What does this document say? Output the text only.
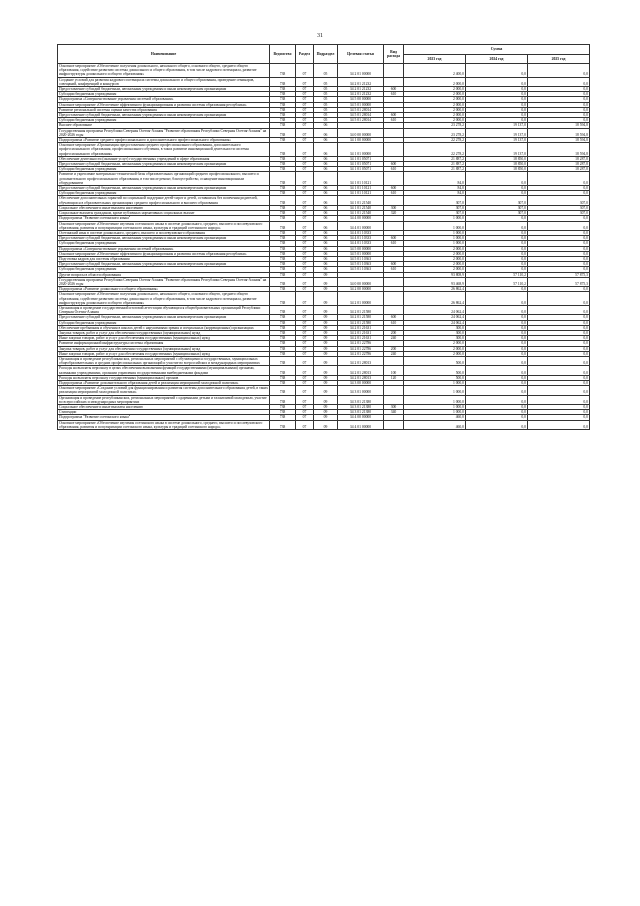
31
Наименование	Ведомство	Раздел	Подраздел	Целевая статья	Вид расхода	Сумма		
						2023 год	2024 год	2025 год
Основное мероприятие «Обеспечение получения дошкольного, начального общего, основного общего, среднего общего образования, содействие развитию системы дошкольного и общего образования, в том числе кадрового потенциала, развитие инфраструктуры дошкольного и общего образования»	738	07	05	34 2 01 00000		2 400,0	0,0	0,0
Создание условий для развития кадрового потенциала системы дошкольного и общего образования, проведение семинаров, совещаний, конференций и конкурсов	738	07	05	34 2 01 21232		2 000,0	0,0	0,0
Предоставление субсидий бюджетным, автономным учреждениям и иным некоммерческим организациям	738	07	05	34 2 01 21232	600	2 000,0	0,0	0,0
Субсидии бюджетным учреждениям	738	07	05	34 2 01 21232	610	2 000,0	0,0	0,0
Подпрограмма «Совершенствование управления системой образования»	738	07	05	34 5 00 00000		2 000,0	0,0	0,0
Основное мероприятие «Обеспечение эффективного функционирования и развития системы образования республики»	738	07	05	34 5 01 00000		2 000,0	0,0	0,0
Развитие региональной системы оценки качества образования	738	07	05	34 5 01 28014		2 000,0	0,0	0,0
Предоставление субсидий бюджетным, автономным учреждениям и иным некоммерческим организациям	738	07	05	34 5 01 28014	600	2 000,0	0,0	0,0
Субсидии бюджетным учреждениям	738	07	05	34 5 01 28014	610	2 000,0	0,0	0,0
Высшее образование	738	07	06			23 278,2	19 137,0	18 594,8
Государственная программа Республики Северная Осетия-Алания "Развитие образования Республики Северная Осетия-Алания" на 2020-2026 годы	738	07	06	34 0 00 00000		23 278,2	19 137,0	18 594,8
Подпрограмма «Развитие среднего профессионального и дополнительного профессионального образования»	738	07	06	34 1 00 00000		22 278,2	19 137,0	18 594,8
Основное мероприятие «Организация предоставления среднего профессионального образования, дополнительного профессионального образования, профессионального обучения, в таких развитие инновационной деятельности системы профессионального образования»	738	07	06	34 1 01 00000		22 278,2	19 137,0	18 594,8
Обеспечение деятельности (оказание услуг) государственных учреждений в сфере образования	738	07	06	34 1 01 05071		21 887,2	18 850,0	18 287,8
Предоставление субсидий бюджетным, автономным учреждениям и иным некоммерческим организациям	738	07	06	34 1 01 05071	600	21 887,2	18 850,0	18 287,8
Субсидии бюджетным учреждениям	738	07	06	34 1 01 05071	610	21 887,2	18 850,0	18 287,8
Развитие и укрепление материально-технической базы образовательных организаций среднего профессионального, высшего и дополнительного профессионального образования, в том числе ремонт, благоустройство, оснащение инновационным оборудованием	738	07	06	34 1 01 10121		84,0	0,0	0,0
Предоставление субсидий бюджетным, автономным учреждениям и иным некоммерческим организациям	738	07	06	34 1 01 10121	600	84,0	0,0	0,0
Субсидии бюджетным учреждениям	738	07	06	34 1 01 10121	610	84,0	0,0	0,0
Обеспечение дополнительных гарантий по социальной поддержке детей-сирот и детей, оставшихся без попечения родителей, обучающихся в образовательных организациях среднего профессионального и высшего образования	738	07	06	34 1 01 21540		307,0	307,0	307,0
Социальное обеспечение и иные выплаты населению	738	07	06	34 1 01 21540	300	307,0	307,0	307,0
Социальные выплаты гражданам, кроме публичных нормативных социальных выплат	738	07	06	34 1 01 21540	320	307,0	307,0	307,0
Подпрограмма "Развитие осетинского языка"	738	07	06	34 4 00 00000		1 000,0	0,0	0,0
Основное мероприятие «Обеспечение изучения осетинского языка в системе дошкольного, среднего, высшего и послевузовского образования, развития и популяризации осетинского языка, культуры и традиций осетинского народа»	738	07	06	34 4 01 00000		1 000,0	0,0	0,0
Осетинский язык в системе дошкольного, среднего, высшего и послевузовского образования	738	07	06	34 4 01 10333		1 000,0	0,0	0,0
Предоставление субсидий бюджетным, автономным учреждениям и иным некоммерческим организациям	738	07	06	34 4 01 10333	600	1 000,0	0,0	0,0
Субсидии бюджетным учреждениям	738	07	06	34 4 01 10333	610	1 000,0	0,0	0,0
Подпрограмма «Совершенствование управления системой образования»	738	07	06	34 5 00 00000		2 000,0	0,0	0,0
Основное мероприятие «Обеспечение эффективного функционирования и развития системы образования республики»	738	07	06	34 5 01 00000		2 000,0	0,0	0,0
Подготовка кадров для системы образования	738	07	06	34 5 01 10363		2 000,0	0,0	0,0
Предоставление субсидий бюджетным, автономным учреждениям и иным некоммерческим организациям	738	07	06	34 5 01 10363	600	2 000,0	0,0	0,0
Субсидии бюджетным учреждениям	738	07	06	34 5 01 10363	610	2 000,0	0,0	0,0
Другие вопросы в области образования	738	07	09			93 808,9	57 110,2	57 875,3
Государственная программа Республики Северная Осетия-Алания "Развитие образования Республики Северная Осетия-Алания" на 2020-2026 годы	738	07	09	34 0 00 00000		93 468,9	57 110,2	57 875,3
Подпрограмма «Развитие дошкольного и общего образования»	738	07	09	34 2 00 00000		26 862,4	0,0	0,0
Основное мероприятие «Обеспечение получения дошкольного, начального общего, основного общего, среднего общего образования, содействие развитию системы дошкольного и общего образования, в том числе кадрового потенциала, развитие инфраструктуры дошкольного и общего образования»	738	07	09	34 2 01 00000		26 862,4	0,0	0,0
Организация и проведение государственной итоговой аттестации обучающихся общеобразовательных организаций Республики Северная Осетия-Алания	738	07	09	34 2 01 21580		24 062,4	0,0	0,0
Предоставление субсидий бюджетным, автономным учреждениям и иным некоммерческим организациям	738	07	09	34 2 01 21580	600	24 062,4	0,0	0,0
Субсидии бюджетным учреждениям	738	07	09	34 2 01 21580	610	24 062,4	0,0	0,0
Обеспечение пребывания и обучения в школах детей с нарушениями зрения и специальных (коррекционных) организациях	738	07	09	34 2 01 21631		300,0	0,0	0,0
Закупка товаров, работ и услуг для обеспечения государственных (муниципальных) нужд	738	07	09	34 2 01 21631	200	300,0	0,0	0,0
Иные закупки товаров, работ и услуг для обеспечения государственных (муниципальных) нужд	738	07	09	34 2 01 21631	240	300,0	0,0	0,0
Развитие информационной инфраструктуры системы образования	738	07	09	34 2 01 22786		2 000,0	0,0	0,0
Закупка товаров, работ и услуг для обеспечения государственных (муниципальных) нужд	738	07	09	34 2 01 22786	200	2 000,0	0,0	0,0
Иные закупки товаров, работ и услуг для обеспечения государственных (муниципальных) нужд	738	07	09	34 2 01 22786	240	2 000,0	0,0	0,0
Организация и проведение республиканских, региональных мероприятий с обучающимися государственных, муниципальных общеобразовательных и средних профессиональных организаций и участие во всероссийских и международных мероприятиях	738	07	09	34 2 01 28013		500,0	0,0	0,0
Расходы на выплаты персоналу в целях обеспечения выполнения функций государственными (муниципальными) органами, казенными учреждениями, органами управления государственными внебюджетными фондами	738	07	09	34 2 01 28013	100	500,0	0,0	0,0
Расходы на выплаты персоналу государственных (муниципальных) органов	738	07	09	34 2 01 28013	120	500,0	0,0	0,0
Подпрограмма «Развитие дополнительного образования детей и реализация мероприятий молодежной политики»	738	07	09	34 3 00 00000		1 000,0	0,0	0,0
Основное мероприятие «Создание условий для функционирования и развития системы дополнительного образования детей, в таких реализация мероприятий молодежной политики»	738	07	09	34 3 01 00000		1 000,0	0,0	0,0
Организация и проведение республиканских, региональных мероприятий с одаренными детьми и талантливой молодежью, участие во всероссийских и международных мероприятиях	738	07	09	34 3 01 21380		1 000,0	0,0	0,0
Социальное обеспечение и иные выплаты населению	738	07	09	34 3 01 21380	300	1 000,0	0,0	0,0
Стипендии	738	07	09	34 3 01 21380	340	1 000,0	0,0	0,0
Подпрограмма "Развитие осетинского языка"	738	07	09	34 4 00 00000		460,0	0,0	0,0
Основное мероприятие «Обеспечение изучения осетинского языка в системе дошкольного, среднего, высшего и послевузовского образования, развития и популяризации осетинского языка, культуры и традиций осетинского народа»	738	07	09	34 4 01 00000		460,0	0,0	0,0
